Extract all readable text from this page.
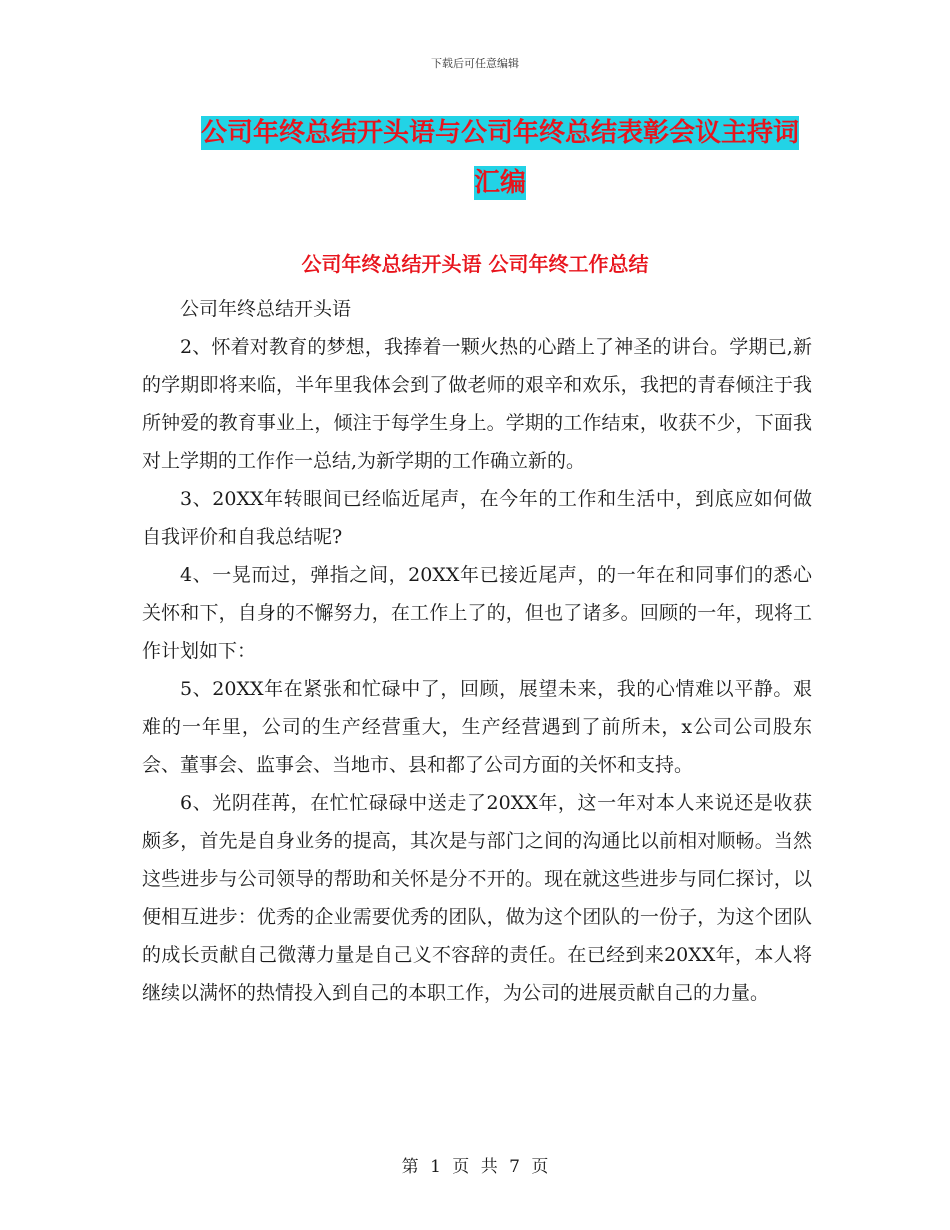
下载后可任意编辑
公司年终总结开头语与公司年终总结表彰会议主持词汇编
公司年终总结开头语 公司年终工作总结

公司年终总结开头语

2、怀着对教育的梦想，我捧着一颗火热的心踏上了神圣的讲台。学期已,新的学期即将来临，半年里我体会到了做老师的艰辛和欢乐，我把的青春倾注于我所钟爱的教育事业上，倾注于每学生身上。学期的工作结束，收获不少，下面我对上学期的工作作一总结,为新学期的工作确立新的。

3、20XX年转眼间已经临近尾声，在今年的工作和生活中，到底应如何做自我评价和自我总结呢?

4、一晃而过，弹指之间，20XX年已接近尾声，的一年在和同事们的悉心关怀和下，自身的不懈努力，在工作上了的，但也了诸多。回顾的一年，现将工作计划如下：

5、20XX年在紧张和忙碌中了，回顾，展望未来，我的心情难以平静。艰难的一年里，公司的生产经营重大，生产经营遇到了前所未，x公司公司股东会、董事会、监事会、当地市、县和都了公司方面的关怀和支持。

6、光阴荏苒，在忙忙碌碌中送走了20XX年，这一年对本人来说还是收获颇多，首先是自身业务的提高，其次是与部门之间的沟通比以前相对顺畅。当然这些进步与公司领导的帮助和关怀是分不开的。现在就这些进步与同仁探讨，以便相互进步：优秀的企业需要优秀的团队，做为这个团队的一份子，为这个团队的成长贡献自己微薄力量是自己义不容辞的责任。在已经到来20XX年，本人将继续以满怀的热情投入到自己的本职工作，为公司的进展贡献自己的力量。

第 1 页 共 7 页
